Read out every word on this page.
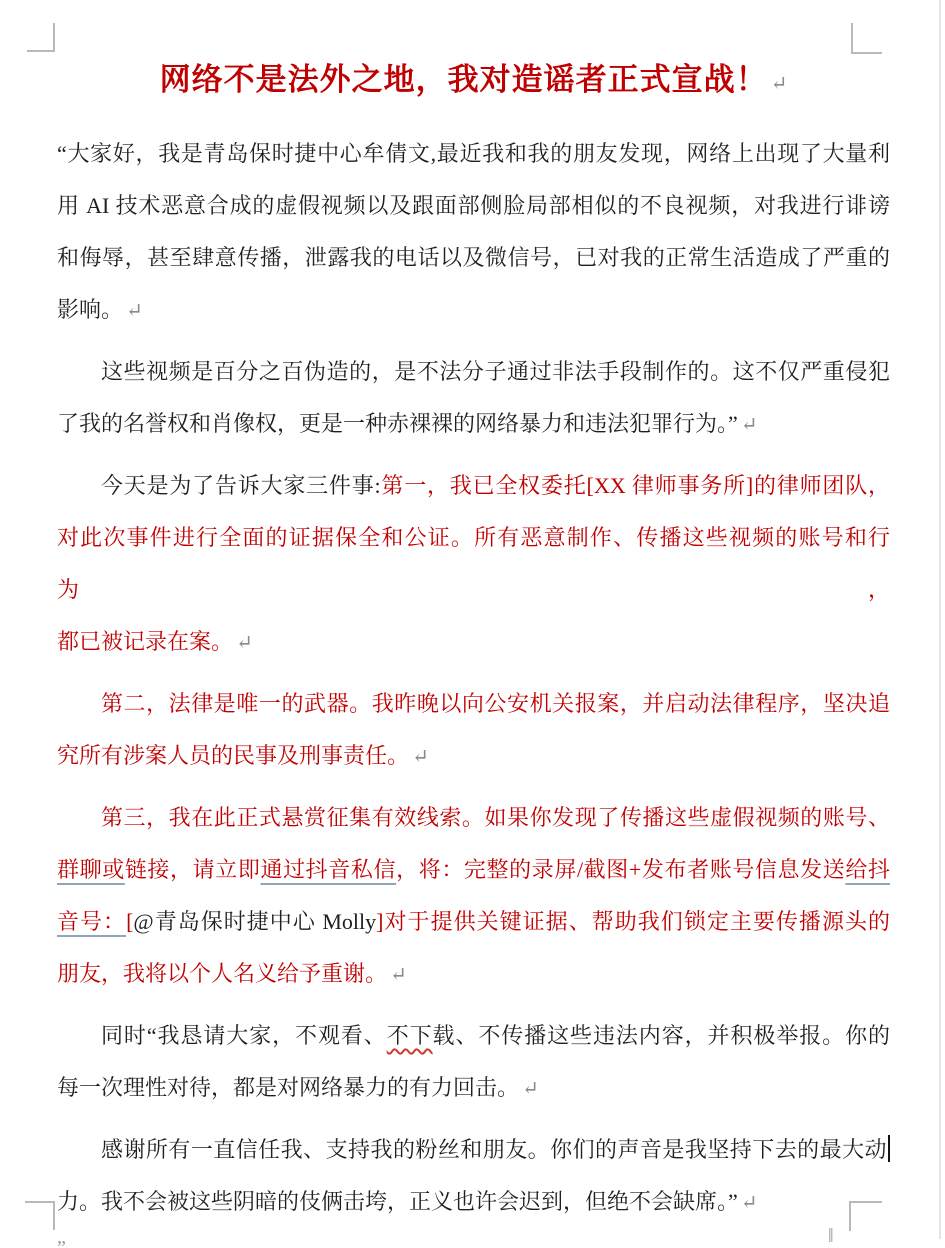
„	‖
网络不是法外之地，我对造谣者正式宣战！ ↵
“大家好，我是青岛保时捷中心牟倩文,最近我和我的朋友发现，网络上出现了大量利
用 AI 技术恶意合成的虚假视频以及跟面部侧脸局部相似的不良视频，对我进行诽谤
和侮辱，甚至肆意传播，泄露我的电话以及微信号，已对我的正常生活造成了严重的
影响。 ↵
这些视频是百分之百伪造的，是不法分子通过非法手段制作的。这不仅严重侵犯
了我的名誉权和肖像权，更是一种赤裸裸的网络暴力和违法犯罪行为。” ↵
今天是为了告诉大家三件事:第一，我已全权委托[XX 律师事务所]的律师团队，
对此次事件进行全面的证据保全和公证。所有恶意制作、传播这些视频的账号和行为，
都已被记录在案。 ↵
第二，法律是唯一的武器。我昨晚以向公安机关报案，并启动法律程序，坚决追
究所有涉案人员的民事及刑事责任。 ↵
第三，我在此正式悬赏征集有效线索。如果你发现了传播这些虚假视频的账号、
群聊或链接，请立即通过抖音私信，将：完整的录屏/截图+发布者账号信息发送给抖
音号：[@青岛保时捷中心 Molly]对于提供关键证据、帮助我们锁定主要传播源头的
朋友，我将以个人名义给予重谢。 ↵
同时“我恳请大家，不观看、不下载、不传播这些违法内容，并积极举报。你的
每一次理性对待，都是对网络暴力的有力回击。 ↵
感谢所有一直信任我、支持我的粉丝和朋友。你们的声音是我坚持下去的最大动
力。我不会被这些阴暗的伎俩击垮，正义也许会迟到，但绝不会缺席。” ↵
